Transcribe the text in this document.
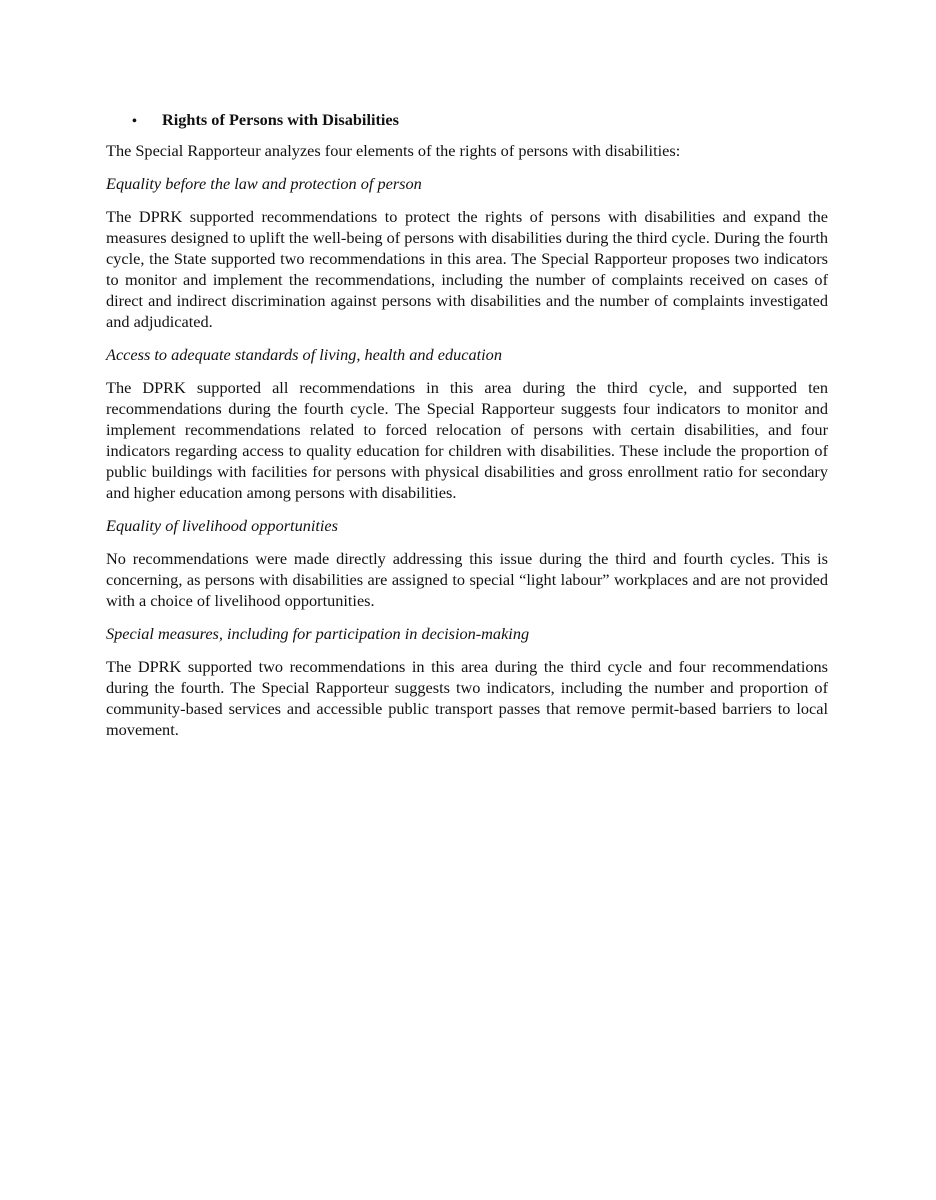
•	Rights of Persons with Disabilities

The Special Rapporteur analyzes four elements of the rights of persons with disabilities:

Equality before the law and protection of person

The DPRK supported recommendations to protect the rights of persons with disabilities and expand the measures designed to uplift the well-being of persons with disabilities during the third cycle. During the fourth cycle, the State supported two recommendations in this area. The Special Rapporteur proposes two indicators to monitor and implement the recommendations, including the number of complaints received on cases of direct and indirect discrimination against persons with disabilities and the number of complaints investigated and adjudicated.

Access to adequate standards of living, health and education

The DPRK supported all recommendations in this area during the third cycle, and supported ten recommendations during the fourth cycle. The Special Rapporteur suggests four indicators to monitor and implement recommendations related to forced relocation of persons with certain disabilities, and four indicators regarding access to quality education for children with disabilities. These include the proportion of public buildings with facilities for persons with physical disabilities and gross enrollment ratio for secondary and higher education among persons with disabilities.

Equality of livelihood opportunities

No recommendations were made directly addressing this issue during the third and fourth cycles. This is concerning, as persons with disabilities are assigned to special “light labour” workplaces and are not provided with a choice of livelihood opportunities.

Special measures, including for participation in decision-making

The DPRK supported two recommendations in this area during the third cycle and four recommendations during the fourth. The Special Rapporteur suggests two indicators, including the number and proportion of community-based services and accessible public transport passes that remove permit-based barriers to local movement.
